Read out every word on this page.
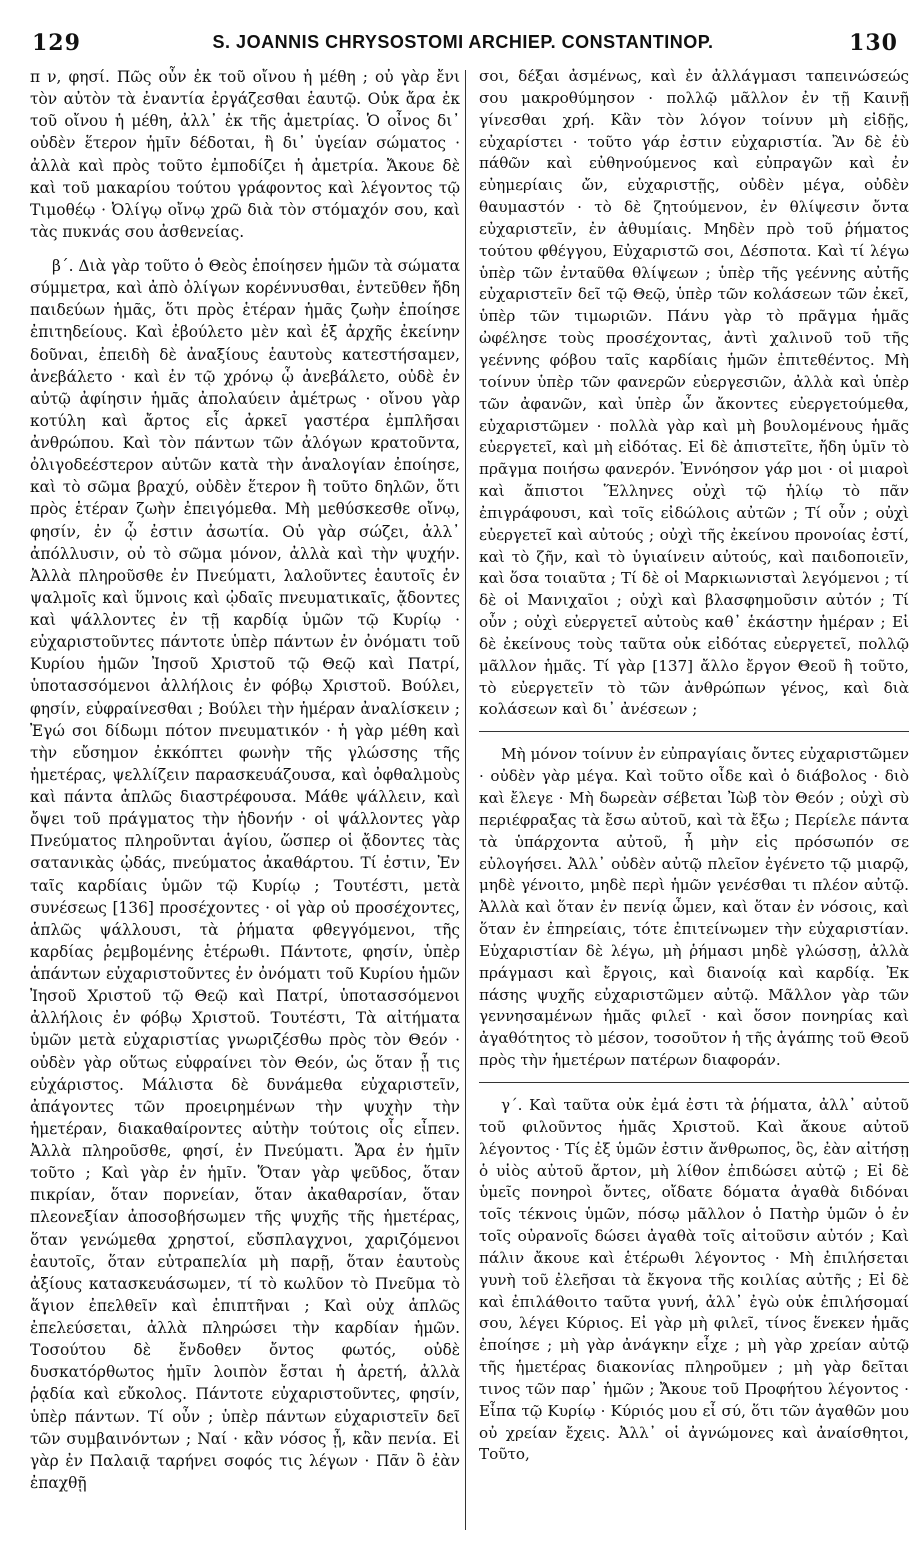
129	S. JOANNIS CHRYSOSTOMI ARCHIEP. CONSTANTINOP.	130

π ν, φησί. Πῶς οὖν ἐκ τοῦ οἴνου ἡ μέθη ; οὐ γὰρ ἔνι τὸν αὐτὸν τὰ ἐναντία ἐργάζεσθαι ἑαυτῷ. Οὐκ ἄρα ἐκ τοῦ οἴνου ἡ μέθη, ἀλλ᾽ ἐκ τῆς ἀμετρίας. Ὁ οἶνος δι᾽ οὐδὲν ἕτερον ἡμῖν δέδοται, ἢ δι᾽ ὑγείαν σώματος · ἀλλὰ καὶ πρὸς τοῦτο ἐμποδίζει ἡ ἀμετρία. Ἄκουε δὲ καὶ τοῦ μακαρίου τούτου γράφοντος καὶ λέγοντος τῷ Τιμοθέῳ · Ὀλίγῳ οἴνῳ χρῶ διὰ τὸν στόμαχόν σου, καὶ τὰς πυκνάς σου ἀσθενείας.

β΄. Διὰ γὰρ τοῦτο ὁ Θεὸς ἐποίησεν ἡμῶν τὰ σώματα σύμμετρα, καὶ ἀπὸ ὀλίγων κορέννυσθαι, ἐντεῦθεν ἤδη παιδεύων ἡμᾶς, ὅτι πρὸς ἑτέραν ἡμᾶς ζωὴν ἐποίησε ἐπιτηδείους. Καὶ ἐβούλετο μὲν καὶ ἐξ ἀρχῆς ἐκείνην δοῦναι, ἐπειδὴ δὲ ἀναξίους ἑαυτοὺς κατεστήσαμεν, ἀνεβάλετο · καὶ ἐν τῷ χρόνῳ ᾧ ἀνεβάλετο, οὐδὲ ἐν αὐτῷ ἀφίησιν ἡμᾶς ἀπολαύειν ἀμέτρως · οἴνου γὰρ κοτύλη καὶ ἄρτος εἷς ἀρκεῖ γαστέρα ἐμπλῆσαι ἀνθρώπου. Καὶ τὸν πάντων τῶν ἀλόγων κρατοῦντα, ὀλιγοδεέστερον αὐτῶν κατὰ τὴν ἀναλογίαν ἐποίησε, καὶ τὸ σῶμα βραχύ, οὐδὲν ἕτερον ἢ τοῦτο δηλῶν, ὅτι πρὸς ἑτέραν ζωὴν ἐπειγόμεθα. Μὴ μεθύσκεσθε οἴνῳ, φησίν, ἐν ᾧ ἐστιν ἀσωτία. Οὐ γὰρ σώζει, ἀλλ᾽ ἀπόλλυσιν, οὐ τὸ σῶμα μόνον, ἀλλὰ καὶ τὴν ψυχήν. Ἀλλὰ πληροῦσθε ἐν Πνεύματι, λαλοῦντες ἑαυτοῖς ἐν ψαλμοῖς καὶ ὕμνοις καὶ ᾠδαῖς πνευματικαῖς, ᾄδοντες καὶ ψάλλοντες ἐν τῇ καρδίᾳ ὑμῶν τῷ Κυρίῳ · εὐχαριστοῦντες πάντοτε ὑπὲρ πάντων ἐν ὀνόματι τοῦ Κυρίου ἡμῶν Ἰησοῦ Χριστοῦ τῷ Θεῷ καὶ Πατρί, ὑποτασσόμενοι ἀλλήλοις ἐν φόβῳ Χριστοῦ. Βούλει, φησίν, εὐφραίνεσθαι ; Βούλει τὴν ἡμέραν ἀναλίσκειν ; Ἐγώ σοι δίδωμι πότον πνευματικόν · ἡ γὰρ μέθη καὶ τὴν εὔσημον ἐκκόπτει φωνὴν τῆς γλώσσης τῆς ἡμετέρας, ψελλίζειν παρασκευάζουσα, καὶ ὀφθαλμοὺς καὶ πάντα ἁπλῶς διαστρέφουσα. Μάθε ψάλλειν, καὶ ὄψει τοῦ πράγματος τὴν ἡδονήν · οἱ ψάλλοντες γὰρ Πνεύματος πληροῦνται ἁγίου, ὥσπερ οἱ ᾄδοντες τὰς σατανικὰς ᾠδάς, πνεύματος ἀκαθάρτου. Τί ἐστιν, Ἐν ταῖς καρδίαις ὑμῶν τῷ Κυρίῳ ; Τουτέστι, μετὰ συνέσεως [136] προσέχοντες · οἱ γὰρ οὐ προσέχοντες, ἁπλῶς ψάλλουσι, τὰ ῥήματα φθεγγόμενοι, τῆς καρδίας ῥεμβομένης ἑτέρωθι. Πάντοτε, φησίν, ὑπὲρ ἁπάντων εὐχαριστοῦντες ἐν ὀνόματι τοῦ Κυρίου ἡμῶν Ἰησοῦ Χριστοῦ τῷ Θεῷ καὶ Πατρί, ὑποτασσόμενοι ἀλλήλοις ἐν φόβῳ Χριστοῦ. Τουτέστι, Τὰ αἰτήματα ὑμῶν μετὰ εὐχαριστίας γνωριζέσθω πρὸς τὸν Θεόν · οὐδὲν γὰρ οὕτως εὐφραίνει τὸν Θεόν, ὡς ὅταν ᾖ τις εὐχάριστος. Μάλιστα δὲ δυνάμεθα εὐχαριστεῖν, ἀπάγοντες τῶν προειρημένων τὴν ψυχὴν τὴν ἡμετέραν, διακαθαίροντες αὐτὴν τούτοις οἷς εἶπεν. Ἀλλὰ πληροῦσθε, φησί, ἐν Πνεύματι. Ἄρα ἐν ἡμῖν τοῦτο ; Καὶ γὰρ ἐν ἡμῖν. Ὅταν γὰρ ψεῦδος, ὅταν πικρίαν, ὅταν πορνείαν, ὅταν ἀκαθαρσίαν, ὅταν πλεονεξίαν ἀποσοβήσωμεν τῆς ψυχῆς τῆς ἡμετέρας, ὅταν γενώμεθα χρηστοί, εὔσπλαγχνοι, χαριζόμενοι ἑαυτοῖς, ὅταν εὐτραπελία μὴ παρῇ, ὅταν ἑαυτοὺς ἀξίους κατασκευάσωμεν, τί τὸ κωλῦον τὸ Πνεῦμα τὸ ἅγιον ἐπελθεῖν καὶ ἐπιπτῆναι ; Καὶ οὐχ ἁπλῶς ἐπελεύσεται, ἀλλὰ πληρώσει τὴν καρδίαν ἡμῶν. Τοσούτου δὲ ἔνδοθεν ὄντος φωτός, οὐδὲ δυσκατόρθωτος ἡμῖν λοιπὸν ἔσται ἡ ἀρετή, ἀλλὰ ῥᾳδία καὶ εὔκολος. Πάντοτε εὐχαριστοῦντες, φησίν, ὑπὲρ πάντων. Τί οὖν ; ὑπὲρ πάντων εὐχαριστεῖν δεῖ τῶν συμβαινόντων ; Ναί · κἂν νόσος ᾖ, κἂν πενία. Εἰ γὰρ ἐν Παλαιᾷ ταρήνει σοφός τις λέγων · Πᾶν ὃ ἐὰν ἐπαχθῇ

σοι, δέξαι ἀσμένως, καὶ ἐν ἀλλάγμασι ταπεινώσεώς σου μακροθύμησον · πολλῷ μᾶλλον ἐν τῇ Καινῇ γίνεσθαι χρή. Κἂν τὸν λόγον τοίνυν μὴ εἰδῇς, εὐχαρίστει · τοῦτο γάρ ἐστιν εὐχαριστία. Ἂν δὲ ἐὺ πάθῶν καὶ εὐθηνούμενος καὶ εὐπραγῶν καὶ ἐν εὐημερίαις ὤν, εὐχαριστῇς, οὐδὲν μέγα, οὐδὲν θαυμαστόν · τὸ δὲ ζητούμενον, ἐν θλίψεσιν ὄντα εὐχαριστεῖν, ἐν ἀθυμίαις. Μηδὲν πρὸ τοῦ ῥήματος τούτου φθέγγου, Εὐχαριστῶ σοι, Δέσποτα. Καὶ τί λέγω ὑπὲρ τῶν ἐνταῦθα θλίψεων ; ὑπὲρ τῆς γεέννης αὐτῆς εὐχαριστεῖν δεῖ τῷ Θεῷ, ὑπὲρ τῶν κολάσεων τῶν ἐκεῖ, ὑπὲρ τῶν τιμωριῶν. Πάνυ γὰρ τὸ πρᾶγμα ἡμᾶς ὠφέλησε τοὺς προσέχοντας, ἀντὶ χαλινοῦ τοῦ τῆς γεέννης φόβου ταῖς καρδίαις ἡμῶν ἐπιτεθέντος. Μὴ τοίνυν ὑπὲρ τῶν φανερῶν εὐεργεσιῶν, ἀλλὰ καὶ ὑπὲρ τῶν ἀφανῶν, καὶ ὑπὲρ ὧν ἄκοντες εὐεργετούμεθα, εὐχαριστῶμεν · πολλὰ γὰρ καὶ μὴ βουλομένους ἡμᾶς εὐεργετεῖ, καὶ μὴ εἰδότας. Εἰ δὲ ἀπιστεῖτε, ἤδη ὑμῖν τὸ πρᾶγμα ποιήσω φανερόν. Ἐννόησον γάρ μοι · οἱ μιαροὶ καὶ ἄπιστοι Ἕλληνες οὐχὶ τῷ ἡλίῳ τὸ πᾶν ἐπιγράφουσι, καὶ τοῖς εἰδώλοις αὐτῶν ; Τί οὖν ; οὐχὶ εὐεργετεῖ καὶ αὐτούς ; οὐχὶ τῆς ἐκείνου προνοίας ἐστί, καὶ τὸ ζῆν, καὶ τὸ ὑγιαίνειν αὐτούς, καὶ παιδοποιεῖν, καὶ ὅσα τοιαῦτα ; Τί δὲ οἱ Μαρκιωνισταὶ λεγόμενοι ; τί δὲ οἱ Μανιχαῖοι ; οὐχὶ καὶ βλασφημοῦσιν αὐτόν ; Τί οὖν ; οὐχὶ εὐεργετεῖ αὐτοὺς καθ᾽ ἑκάστην ἡμέραν ; Εἰ δὲ ἐκείνους τοὺς ταῦτα οὐκ εἰδότας εὐεργετεῖ, πολλῷ μᾶλλον ἡμᾶς. Τί γὰρ [137] ἄλλο ἔργον Θεοῦ ἢ τοῦτο, τὸ εὐεργετεῖν τὸ τῶν ἀνθρώπων γένος, καὶ διὰ κολάσεων καὶ δι᾽ ἀνέσεων ;

Μὴ μόνον τοίνυν ἐν εὐπραγίαις ὄντες εὐχαριστῶμεν · οὐδὲν γὰρ μέγα. Καὶ τοῦτο οἶδε καὶ ὁ διάβολος · διὸ καὶ ἔλεγε · Μὴ δωρεὰν σέβεται Ἰὼβ τὸν Θεόν ; οὐχὶ σὺ περιέφραξας τὰ ἔσω αὐτοῦ, καὶ τὰ ἔξω ; Περίελε πάντα τὰ ὑπάρχοντα αὐτοῦ, ἦ μὴν εἰς πρόσωπόν σε εὐλογήσει. Ἀλλ᾽ οὐδὲν αὐτῷ πλεῖον ἐγένετο τῷ μιαρῷ, μηδὲ γένοιτο, μηδὲ περὶ ἡμῶν γενέσθαι τι πλέον αὐτῷ. Ἀλλὰ καὶ ὅταν ἐν πενίᾳ ὦμεν, καὶ ὅταν ἐν νόσοις, καὶ ὅταν ἐν ἐπηρείαις, τότε ἐπιτείνωμεν τὴν εὐχαριστίαν. Εὐχαριστίαν δὲ λέγω, μὴ ῥήμασι μηδὲ γλώσσῃ, ἀλλὰ πράγμασι καὶ ἔργοις, καὶ διανοίᾳ καὶ καρδίᾳ. Ἐκ πάσης ψυχῆς εὐχαριστῶμεν αὐτῷ. Μᾶλλον γὰρ τῶν γεννησαμένων ἡμᾶς φιλεῖ · καὶ ὅσον πονηρίας καὶ ἀγαθότητος τὸ μέσον, τοσοῦτον ἡ τῆς ἀγάπης τοῦ Θεοῦ πρὸς τὴν ἡμετέρων πατέρων διαφοράν.

γ΄. Καὶ ταῦτα οὐκ ἐμά ἐστι τὰ ῥήματα, ἀλλ᾽ αὐτοῦ τοῦ φιλοῦντος ἡμᾶς Χριστοῦ. Καὶ ἄκουε αὐτοῦ λέγοντος · Τίς ἐξ ὑμῶν ἐστιν ἄνθρωπος, ὃς, ἐὰν αἰτήσῃ ὁ υἱὸς αὐτοῦ ἄρτον, μὴ λίθον ἐπιδώσει αὐτῷ ; Εἰ δὲ ὑμεῖς πονηροὶ ὄντες, οἴδατε δόματα ἀγαθὰ διδόναι τοῖς τέκνοις ὑμῶν, πόσῳ μᾶλλον ὁ Πατὴρ ὑμῶν ὁ ἐν τοῖς οὐρανοῖς δώσει ἀγαθὰ τοῖς αἰτοῦσιν αὐτόν ; Καὶ πάλιν ἄκουε καὶ ἑτέρωθι λέγοντος · Μὴ ἐπιλήσεται γυνὴ τοῦ ἐλεῆσαι τὰ ἔκγονα τῆς κοιλίας αὐτῆς ; Εἰ δὲ καὶ ἐπιλάθοιτο ταῦτα γυνή, ἀλλ᾽ ἐγὼ οὐκ ἐπιλήσομαί σου, λέγει Κύριος. Εἰ γὰρ μὴ φιλεῖ, τίνος ἕνεκεν ἡμᾶς ἐποίησε ; μὴ γὰρ ἀνάγκην εἶχε ; μὴ γὰρ χρείαν αὐτῷ τῆς ἡμετέρας διακονίας πληροῦμεν ; μὴ γὰρ δεῖται τινος τῶν παρ᾽ ἡμῶν ; Ἄκουε τοῦ Προφήτου λέγοντος · Εἶπα τῷ Κυρίῳ · Κύριός μου εἶ σύ, ὅτι τῶν ἀγαθῶν μου οὐ χρείαν ἔχεις. Ἀλλ᾽ οἱ ἀγνώμονες καὶ ἀναίσθητοι, Τοῦτο,
